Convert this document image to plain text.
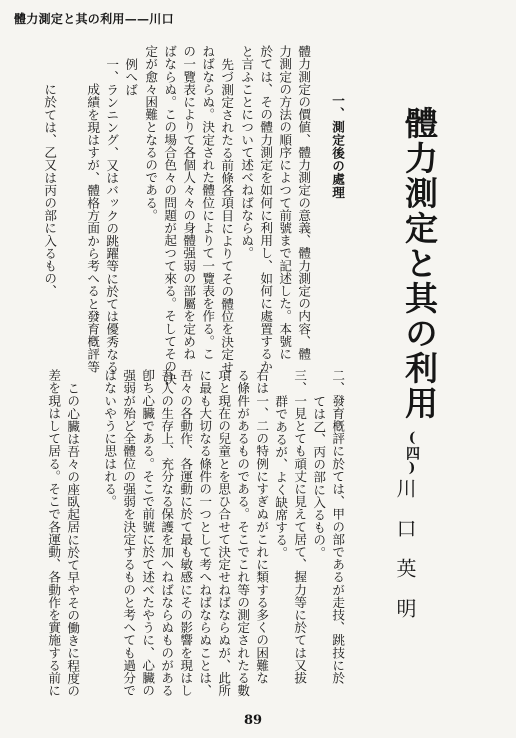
體力測定と其の利用——川口
一、測定後の處理
體力測定の價値、體力測定の意義、體力測定の内容、體
力測定の方法の順序によつて前號まで記述した。本號に
於ては、その體力測定を如何に利用し、如何に處置するか
と言ふことについて述べねばならぬ。
先づ測定されたる前條各項目によりてその體位を決定せ
ねばならぬ。決定された體位によりて一覽表を作る。こ
の一覽表によりて各個人々々の身體强弱の部屬を定めね
ばならぬ。この場合色々の問題が起つて來る。そしてその決
定が愈々困難となるのである。
例へば
一、ランニング、又はバックの跳躍等に於ては優秀なる
成績を現はすが、體格方面から考へると發育槪評等
に於ては、乙又は丙の部に入るもの、	體力測定と其の利用
(四)
川口英明
二、發育槪評に於ては、甲の部であるが走技、跳技に於
ては乙、丙の部に入るもの。
三、一見とても頑丈に見えて居て、握力等に於ては又拔
群であるが、よく缺席する。
右は一、二の特例にすぎぬがこれに類する多くの困難な
る條件があるものである。そこでこれ等の測定されたる數
項と現在の兒童とを思ひ合せて決定せねばならぬが、此所
に最も大切なる條件の一つとして考へねばならぬことは、
吾々の各動作、各運動に於て最も敏感にその影響を現はし
吾人の生存上、充分なる保護を加へねばならぬものがある
卽ち心臟である。そこで前號に於て述べたやうに、心臟の
强弱が殆ど全體位の强弱を決定するものと考へても過分で
はないやうに思はれる。
この心臟は吾々の座臥起居に於て早やその働きに程度の
差を現はして居る。そこで各運動、各動作を實施する前に
89
